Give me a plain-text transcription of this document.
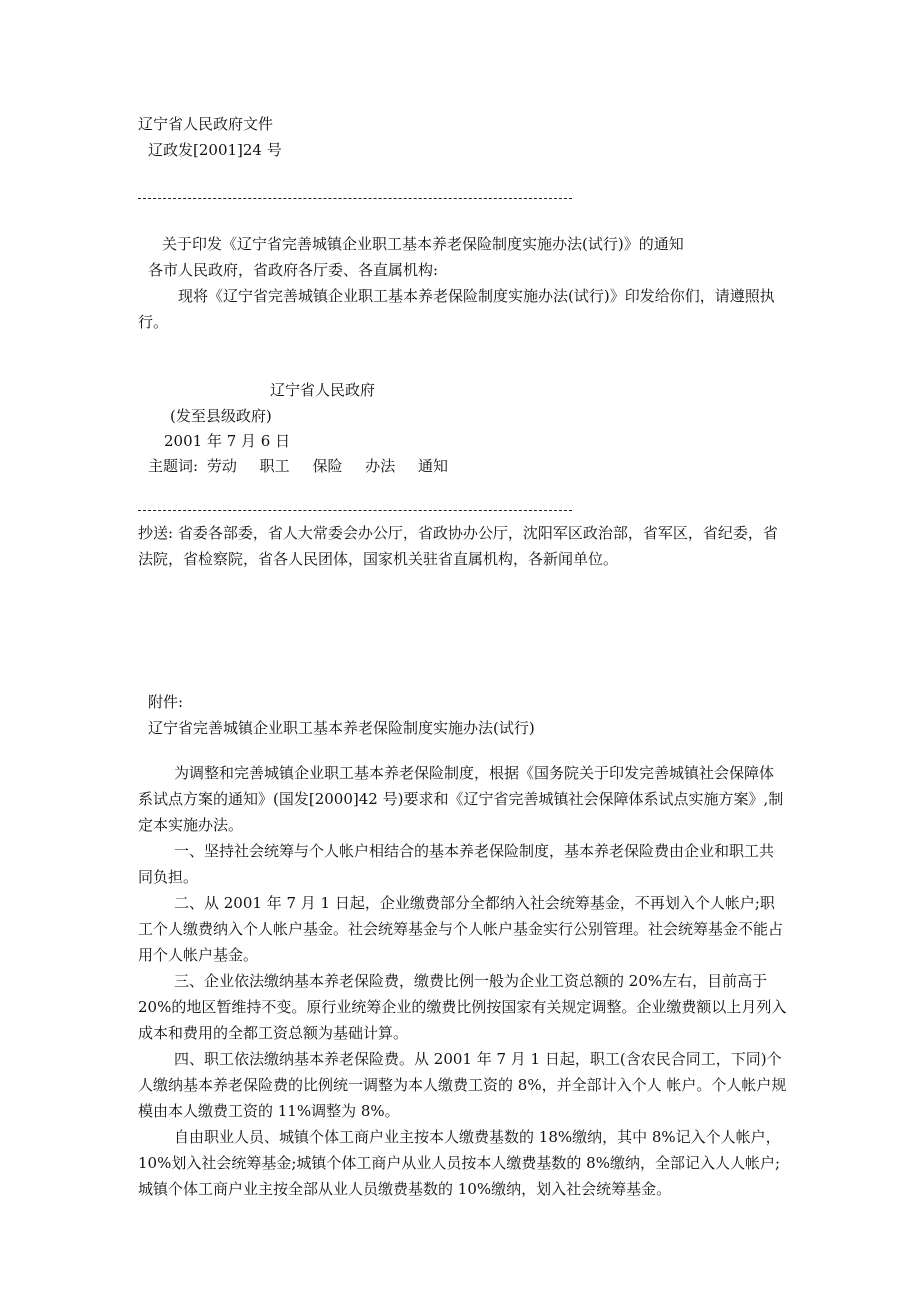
辽宁省人民政府文件
辽政发[2001]24 号
关于印发《辽宁省完善城镇企业职工基本养老保险制度实施办法(试行)》的通知
各市人民政府，省政府各厅委、各直属机构:
现将《辽宁省完善城镇企业职工基本养老保险制度实施办法(试行)》印发给你们，请遵照执行。
辽宁省人民政府
(发至县级政府)
2001 年 7 月 6 日
主题词: 劳动 职工 保险 办法 通知
抄送: 省委各部委，省人大常委会办公厅，省政协办公厅，沈阳军区政治部，省军区，省纪委，省法院，省检察院，省各人民团体，国家机关驻省直属机构，各新闻单位。
附件:
辽宁省完善城镇企业职工基本养老保险制度实施办法(试行)
为调整和完善城镇企业职工基本养老保险制度，根据《国务院关于印发完善城镇社会保障体系试点方案的通知》(国发[2000]42 号)要求和《辽宁省完善城镇社会保障体系试点实施方案》,制定本实施办法。
一、坚持社会统筹与个人帐户相结合的基本养老保险制度，基本养老保险费由企业和职工共同负担。
二、从 2001 年 7 月 1 日起，企业缴费部分全都纳入社会统筹基金，不再划入个人帐户;职工个人缴费纳入个人帐户基金。社会统筹基金与个人帐户基金实行公别管理。社会统筹基金不能占用个人帐户基金。
三、企业依法缴纳基本养老保险费，缴费比例一般为企业工资总额的 20%左右，目前高于 20%的地区暂维持不变。原行业统筹企业的缴费比例按国家有关规定调整。企业缴费额以上月列入成本和费用的全都工资总额为基础计算。
四、职工依法缴纳基本养老保险费。从 2001 年 7 月 1 日起，职工(含农民合同工，下同)个人缴纳基本养老保险费的比例统一调整为本人缴费工资的 8%，并全部计入个人 帐户。个人帐户规模由本人缴费工资的 11%调整为 8%。
自由职业人员、城镇个体工商户业主按本人缴费基数的 18%缴纳，其中 8%记入个人帐户，10%划入社会统筹基金;城镇个体工商户从业人员按本人缴费基数的 8%缴纳，全部记入人人帐户;城镇个体工商户业主按全部从业人员缴费基数的 10%缴纳，划入社会统筹基金。
